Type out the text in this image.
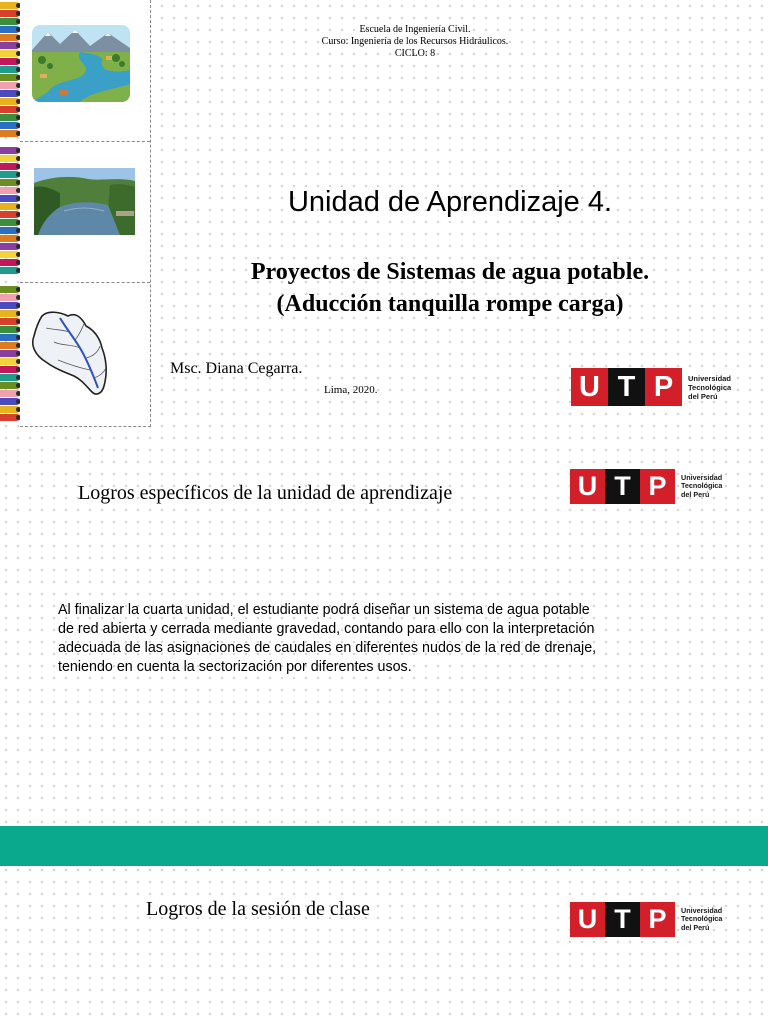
Escuela de Ingeniería Civil.
Curso: Ingeniería de los Recursos Hidráulicos.
CICLO: 8
Unidad de Aprendizaje 4.
Proyectos de Sistemas de agua potable.
(Aducción tanquilla rompe carga)
Msc. Diana Cegarra.
Lima, 2020.	U T P	Universidad
Tecnológica
del Perú
Logros específicos de la unidad de aprendizaje	U T P	Universidad
Tecnológica
del Perú
Al finalizar la cuarta unidad, el estudiante podrá diseñar un sistema de agua potable
de red abierta y cerrada mediante gravedad, contando para ello con la interpretación
adecuada de las asignaciones de caudales en diferentes nudos de la red de drenaje,
teniendo en cuenta la sectorización por diferentes usos.
Logros de la sesión de clase	U T P	Universidad
Tecnológica
del Perú
